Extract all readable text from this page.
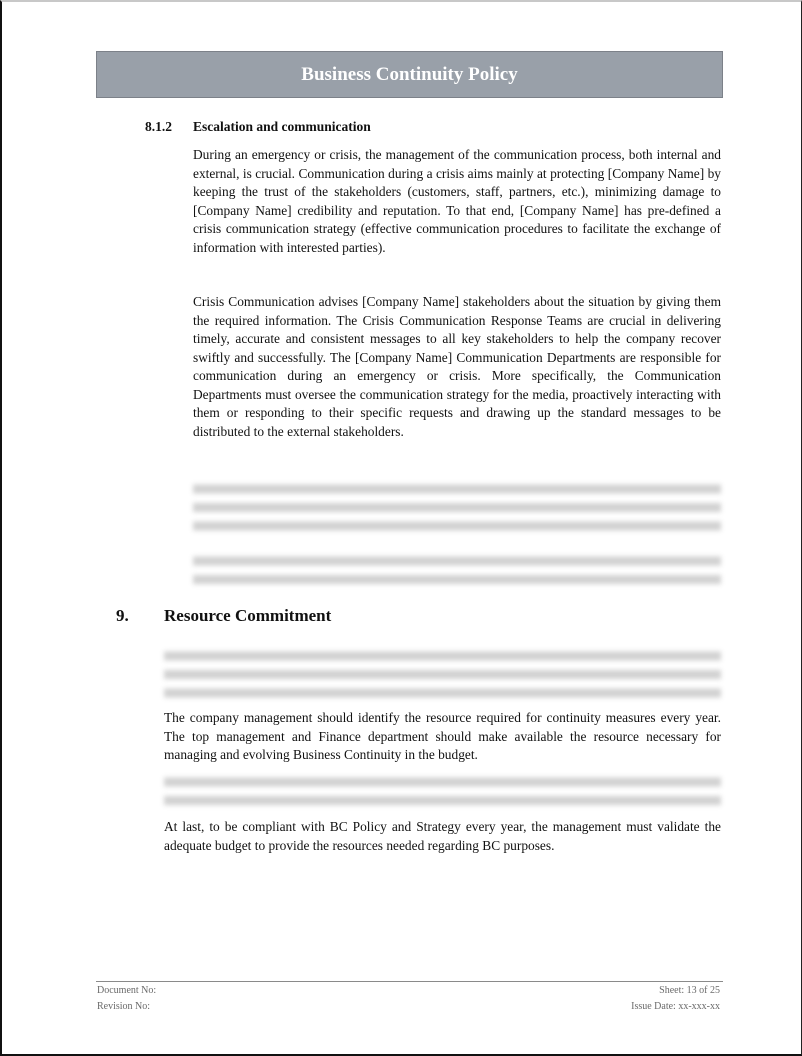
Business Continuity Policy
8.1.2 Escalation and communication
During an emergency or crisis, the management of the communication process, both internal and external, is crucial. Communication during a crisis aims mainly at protecting [Company Name] by keeping the trust of the stakeholders (customers, staff, partners, etc.), minimizing damage to [Company Name] credibility and reputation. To that end, [Company Name] has pre-defined a crisis communication strategy (effective communication procedures to facilitate the exchange of information with interested parties).
Crisis Communication advises [Company Name] stakeholders about the situation by giving them the required information. The Crisis Communication Response Teams are crucial in delivering timely, accurate and consistent messages to all key stakeholders to help the company recover swiftly and successfully. The [Company Name] Communication Departments are responsible for communication during an emergency or crisis. More specifically, the Communication Departments must oversee the communication strategy for the media, proactively interacting with them or responding to their specific requests and drawing up the standard messages to be distributed to the external stakeholders.
9. Resource Commitment
The company management should identify the resource required for continuity measures every year. The top management and Finance department should make available the resource necessary for managing and evolving Business Continuity in the budget.
At last, to be compliant with BC Policy and Strategy every year, the management must validate the adequate budget to provide the resources needed regarding BC purposes.
Document No:
Revision No:
Sheet: 13 of 25
Issue Date: xx-xxx-xx
